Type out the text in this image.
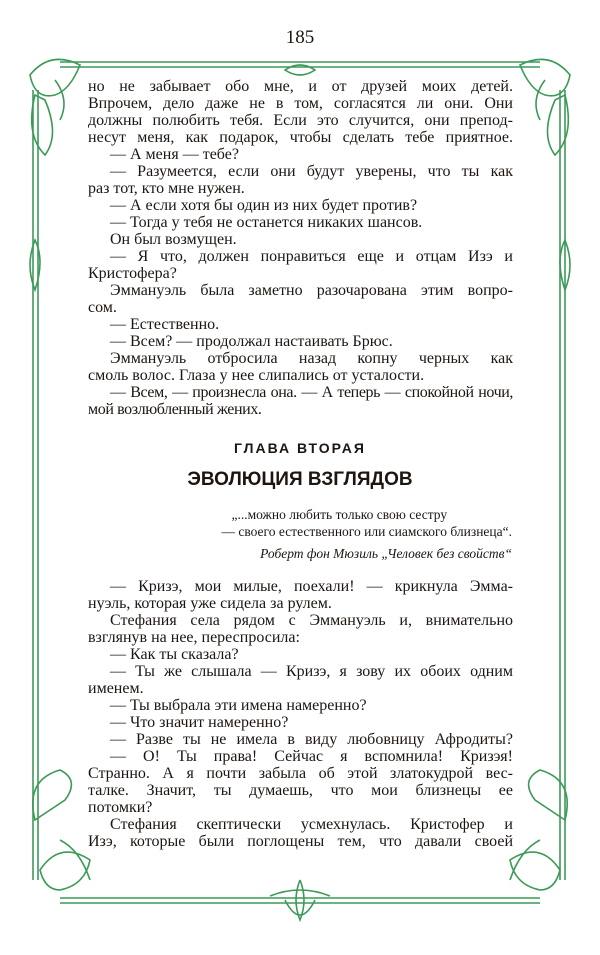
185
но не забывает обо мне, и от друзей моих детей.
Впрочем, дело даже не в том, согласятся ли они. Они
должны полюбить тебя. Если это случится, они препод-
несут меня, как подарок, чтобы сделать тебе приятное.
— А меня — тебе?
— Разумеется, если они будут уверены, что ты как
раз тот, кто мне нужен.
— А если хотя бы один из них будет против?
— Тогда у тебя не останется никаких шансов.
Он был возмущен.
— Я что, должен понравиться еще и отцам Изэ и
Кристофера?
Эммануэль была заметно разочарована этим вопро-
сом.
— Естественно.
— Всем? — продолжал настаивать Брюс.
Эммануэль отбросила назад копну черных как
смоль волос. Глаза у нее слипались от усталости.
— Всем, — произнесла она. — А теперь — спокойной ночи,
мой возлюбленный жених.
ГЛАВА ВТОРАЯ
ЭВОЛЮЦИЯ ВЗГЛЯДОВ
„...можно любить только свою сестру
— своего естественного или сиамского близнеца“.
Роберт фон Мюзиль „Человек без свойств“
— Кризэ, мои милые, поехали! — крикнула Эмма-
нуэль, которая уже сидела за рулем.
Стефания села рядом с Эммануэль и, внимательно
взглянув на нее, переспросила:
— Как ты сказала?
— Ты же слышала — Кризэ, я зову их обоих одним
именем.
— Ты выбрала эти имена намеренно?
— Что значит намеренно?
— Разве ты не имела в виду любовницу Афродиты?
— О! Ты права! Сейчас я вспомнила! Кризэя!
Странно. А я почти забыла об этой златокудрой вес-
талке. Значит, ты думаешь, что мои близнецы ее
потомки?
Стефания скептически усмехнулась. Кристофер и
Изэ, которые были поглощены тем, что давали своей
